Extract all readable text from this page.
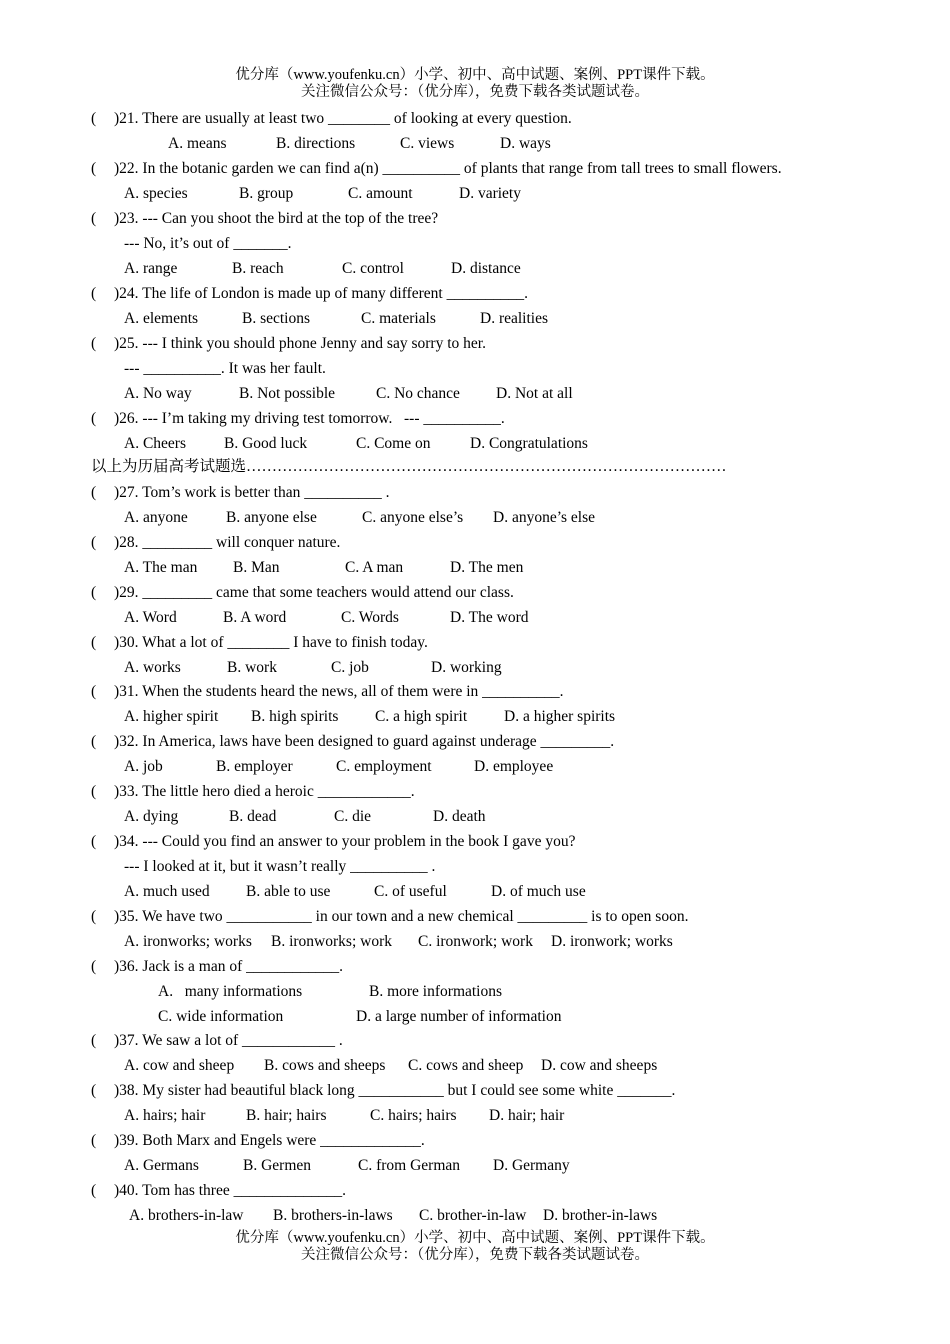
优分库（www.youfenku.cn）小学、初中、高中试题、案例、PPT课件下载。
关注微信公众号：（优分库），免费下载各类试题试卷。
( )21. There are usually at least two ________ of looking at every question.
A. means	B. directions	C. views	D. ways
( )22. In the botanic garden we can find a(n) __________ of plants that range from tall trees to small flowers.
A. species	B. group	C. amount	D. variety
( )23. --- Can you shoot the bird at the top of the tree?
--- No, it’s out of _______.
A. range	B. reach	C. control	D. distance
( )24. The life of London is made up of many different __________.
A. elements	B. sections	C. materials	D. realities
( )25. --- I think you should phone Jenny and say sorry to her.
--- __________. It was her fault.
A. No way	B. Not possible	C. No chance D. Not at all
( )26. --- I’m taking my driving test tomorrow.   --- __________.
A. Cheers B. Good luck	C. Come on	D. Congratulations
以上为历届高考试题选…………………………………………………………………………………
( )27. Tom’s work is better than __________ .
A. anyone B. anyone else	C. anyone else’s D. anyone’s else
( )28. _________ will conquer nature.
A. The man B. Man	C. A man	D. The men
( )29. _________ came that some teachers would attend our class.
A. Word	B. A word	C. Words	D. The word
( )30. What a lot of ________ I have to finish today.
A. works	B. work	C. job	D. working
( )31. When the students heard the news, all of them were in __________.
A. higher spirit B. high spirits C. a high spirit D. a higher spirits
( )32. In America, laws have been designed to guard against underage _________.
A. job	B. employer	C. employment	D. employee
( )33. The little hero died a heroic ____________.
A. dying	B. dead	C. die	D. death
( )34. --- Could you find an answer to your problem in the book I gave you?
--- I looked at it, but it wasn’t really __________ .
A. much used B. able to use	C. of useful	D. of much use
( )35. We have two ___________ in our town and a new chemical _________ is to open soon.
A. ironworks; works B. ironworks; work C. ironwork; work D. ironwork; works
( )36. Jack is a man of ____________.
A.   many informations	B. more informations
C. wide information	D. a large number of information
( )37. We saw a lot of ____________ .
A. cow and sheep B. cows and sheeps C. cows and sheep D. cow and sheeps
( )38. My sister had beautiful black long ___________ but I could see some white _______.
A. hairs; hair	B. hair; hairs	C. hairs; hairs D. hair; hair
( )39. Both Marx and Engels were _____________.
A. Germans	B. Germen	C. from German D. Germany
( )40. Tom has three ______________.
A. brothers-in-law B. brothers-in-laws C. brother-in-law D. brother-in-laws
优分库（www.youfenku.cn）小学、初中、高中试题、案例、PPT课件下载。
关注微信公众号：（优分库），免费下载各类试题试卷。
